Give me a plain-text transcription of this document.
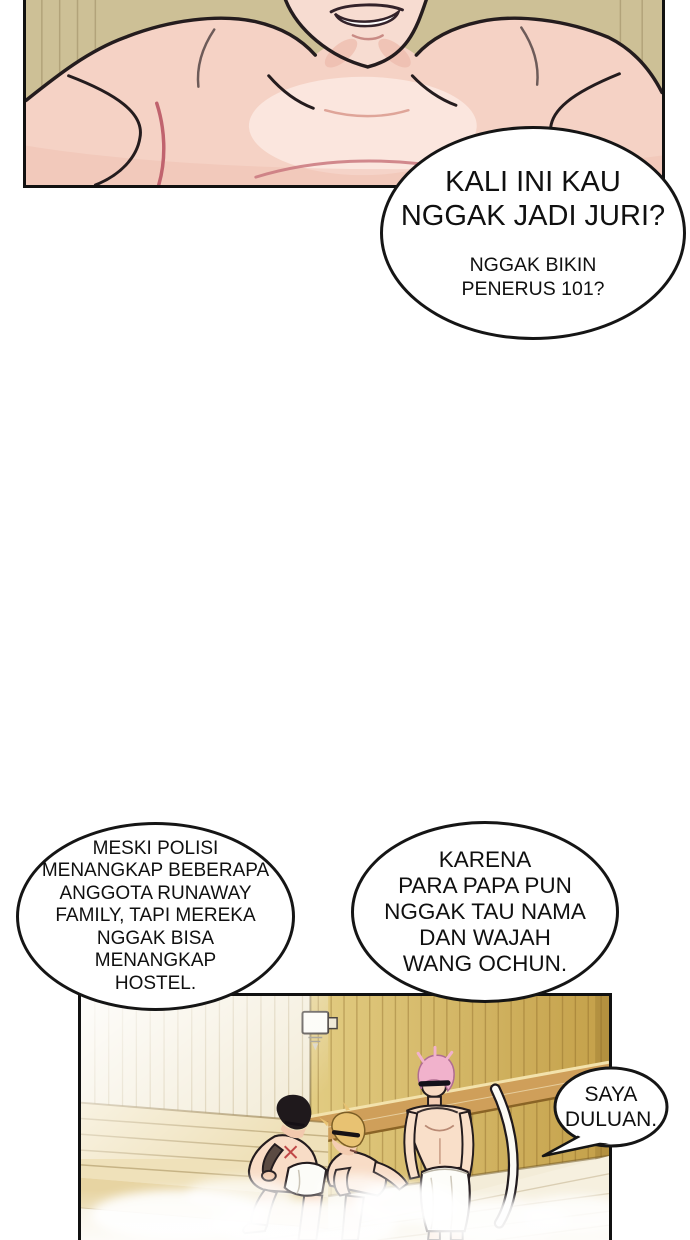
KALI INI KAU
NGGAK JADI JURI?
NGGAK BIKIN
PENERUS 101?
MESKI POLISI
MENANGKAP BEBERAPA
ANGGOTA RUNAWAY
FAMILY, TAPI MEREKA
NGGAK BISA
MENANGKAP
HOSTEL.
KARENA
PARA PAPA PUN
NGGAK TAU NAMA
DAN WAJAH
WANG OCHUN.
SAYA
DULUAN.
